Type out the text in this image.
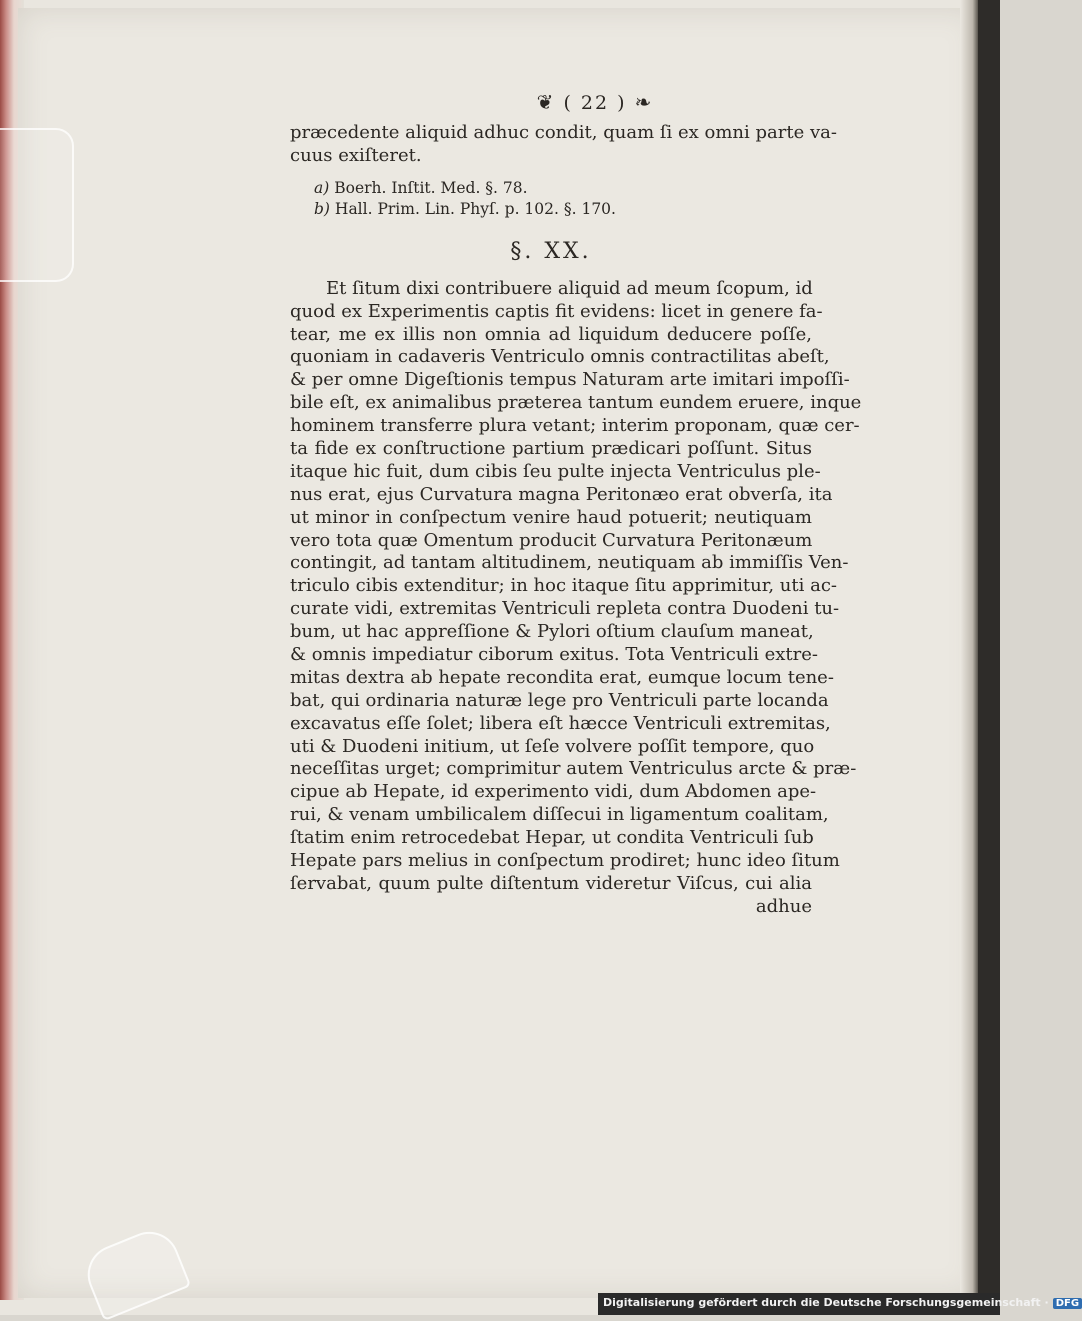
❦ ( 22 ) ❧
præcedente aliquid adhuc condit, quam ſi ex omni parte va-
cuus exiſteret.
a) Boerh. Inſtit. Med. §. 78.
b) Hall. Prim. Lin. Phyſ. p. 102. §. 170.
§. XX.
Et ſitum dixi contribuere aliquid ad meum ſcopum, id
quod ex Experimentis captis fit evidens: licet in genere fa-
tear, me ex illis non omnia ad liquidum deducere poſſe,
quoniam in cadaveris Ventriculo omnis contractilitas abeſt,
& per omne Digeſtionis tempus Naturam arte imitari impoſſi-
bile eſt, ex animalibus præterea tantum eundem eruere, inque
hominem transferre plura vetant; interim proponam, quæ cer-
ta fide ex conſtructione partium prædicari poſſunt. Situs
itaque hic fuit, dum cibis ſeu pulte injecta Ventriculus ple-
nus erat, ejus Curvatura magna Peritonæo erat obverſa, ita
ut minor in conſpectum venire haud potuerit; neutiquam
vero tota quæ Omentum producit Curvatura Peritonæum
contingit, ad tantam altitudinem, neutiquam ab immiſſis Ven-
triculo cibis extenditur; in hoc itaque ſitu apprimitur, uti ac-
curate vidi, extremitas Ventriculi repleta contra Duodeni tu-
bum, ut hac appreſſione & Pylori oſtium clauſum maneat,
& omnis impediatur ciborum exitus. Tota Ventriculi extre-
mitas dextra ab hepate recondita erat, eumque locum tene-
bat, qui ordinaria naturæ lege pro Ventriculi parte locanda
excavatus eſſe ſolet; libera eſt hæcce Ventriculi extremitas,
uti & Duodeni initium, ut ſeſe volvere poſſit tempore, quo
neceſſitas urget; comprimitur autem Ventriculus arcte & præ-
cipue ab Hepate, id experimento vidi, dum Abdomen ape-
rui, & venam umbilicalem diſſecui in ligamentum coalitam,
ſtatim enim retrocedebat Hepar, ut condita Ventriculi ſub
Hepate pars melius in conſpectum prodiret; hunc ideo ſitum
ſervabat, quum pulte diſtentum videretur Viſcus, cui alia
adhue
Digitalisierung gefördert durch die Deutsche Forschungsgemeinschaft · DFG
